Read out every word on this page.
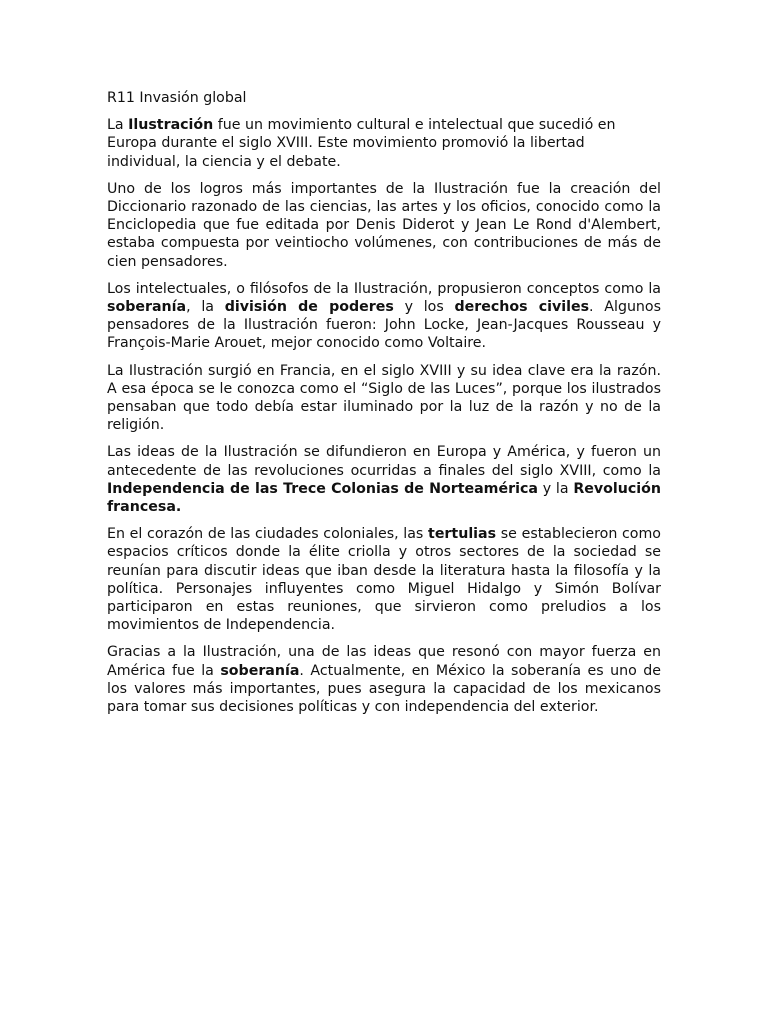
R11 Invasión global

La Ilustración fue un movimiento cultural e intelectual que sucedió en Europa durante el siglo XVIII. Este movimiento promovió la libertad individual, la ciencia y el debate.

Uno de los logros más importantes de la Ilustración fue la creación del Diccionario razonado de las ciencias, las artes y los oficios, conocido como la Enciclopedia que fue editada por Denis Diderot y Jean Le Rond d'Alembert, estaba compuesta por veintiocho volúmenes, con contribuciones de más de cien pensadores.

Los intelectuales, o filósofos de la Ilustración, propusieron conceptos como la soberanía, la división de poderes y los derechos civiles. Algunos pensadores de la Ilustración fueron: John Locke, Jean-Jacques Rousseau y François-Marie Arouet, mejor conocido como Voltaire.

La Ilustración surgió en Francia, en el siglo XVIII y su idea clave era la razón. A esa época se le conozca como el “Siglo de las Luces”, porque los ilustrados pensaban que todo debía estar iluminado por la luz de la razón y no de la religión.

Las ideas de la Ilustración se difundieron en Europa y América, y fueron un antecedente de las revoluciones ocurridas a finales del siglo XVIII, como la Independencia de las Trece Colonias de Norteamérica y la Revolución francesa.

En el corazón de las ciudades coloniales, las tertulias se establecieron como espacios críticos donde la élite criolla y otros sectores de la sociedad se reunían para discutir ideas que iban desde la literatura hasta la filosofía y la política. Personajes influyentes como Miguel Hidalgo y Simón Bolívar participaron en estas reuniones, que sirvieron como preludios a los movimientos de Independencia.

Gracias a la Ilustración, una de las ideas que resonó con mayor fuerza en América fue la soberanía. Actualmente, en México la soberanía es uno de los valores más importantes, pues asegura la capacidad de los mexicanos para tomar sus decisiones políticas y con independencia del exterior.
